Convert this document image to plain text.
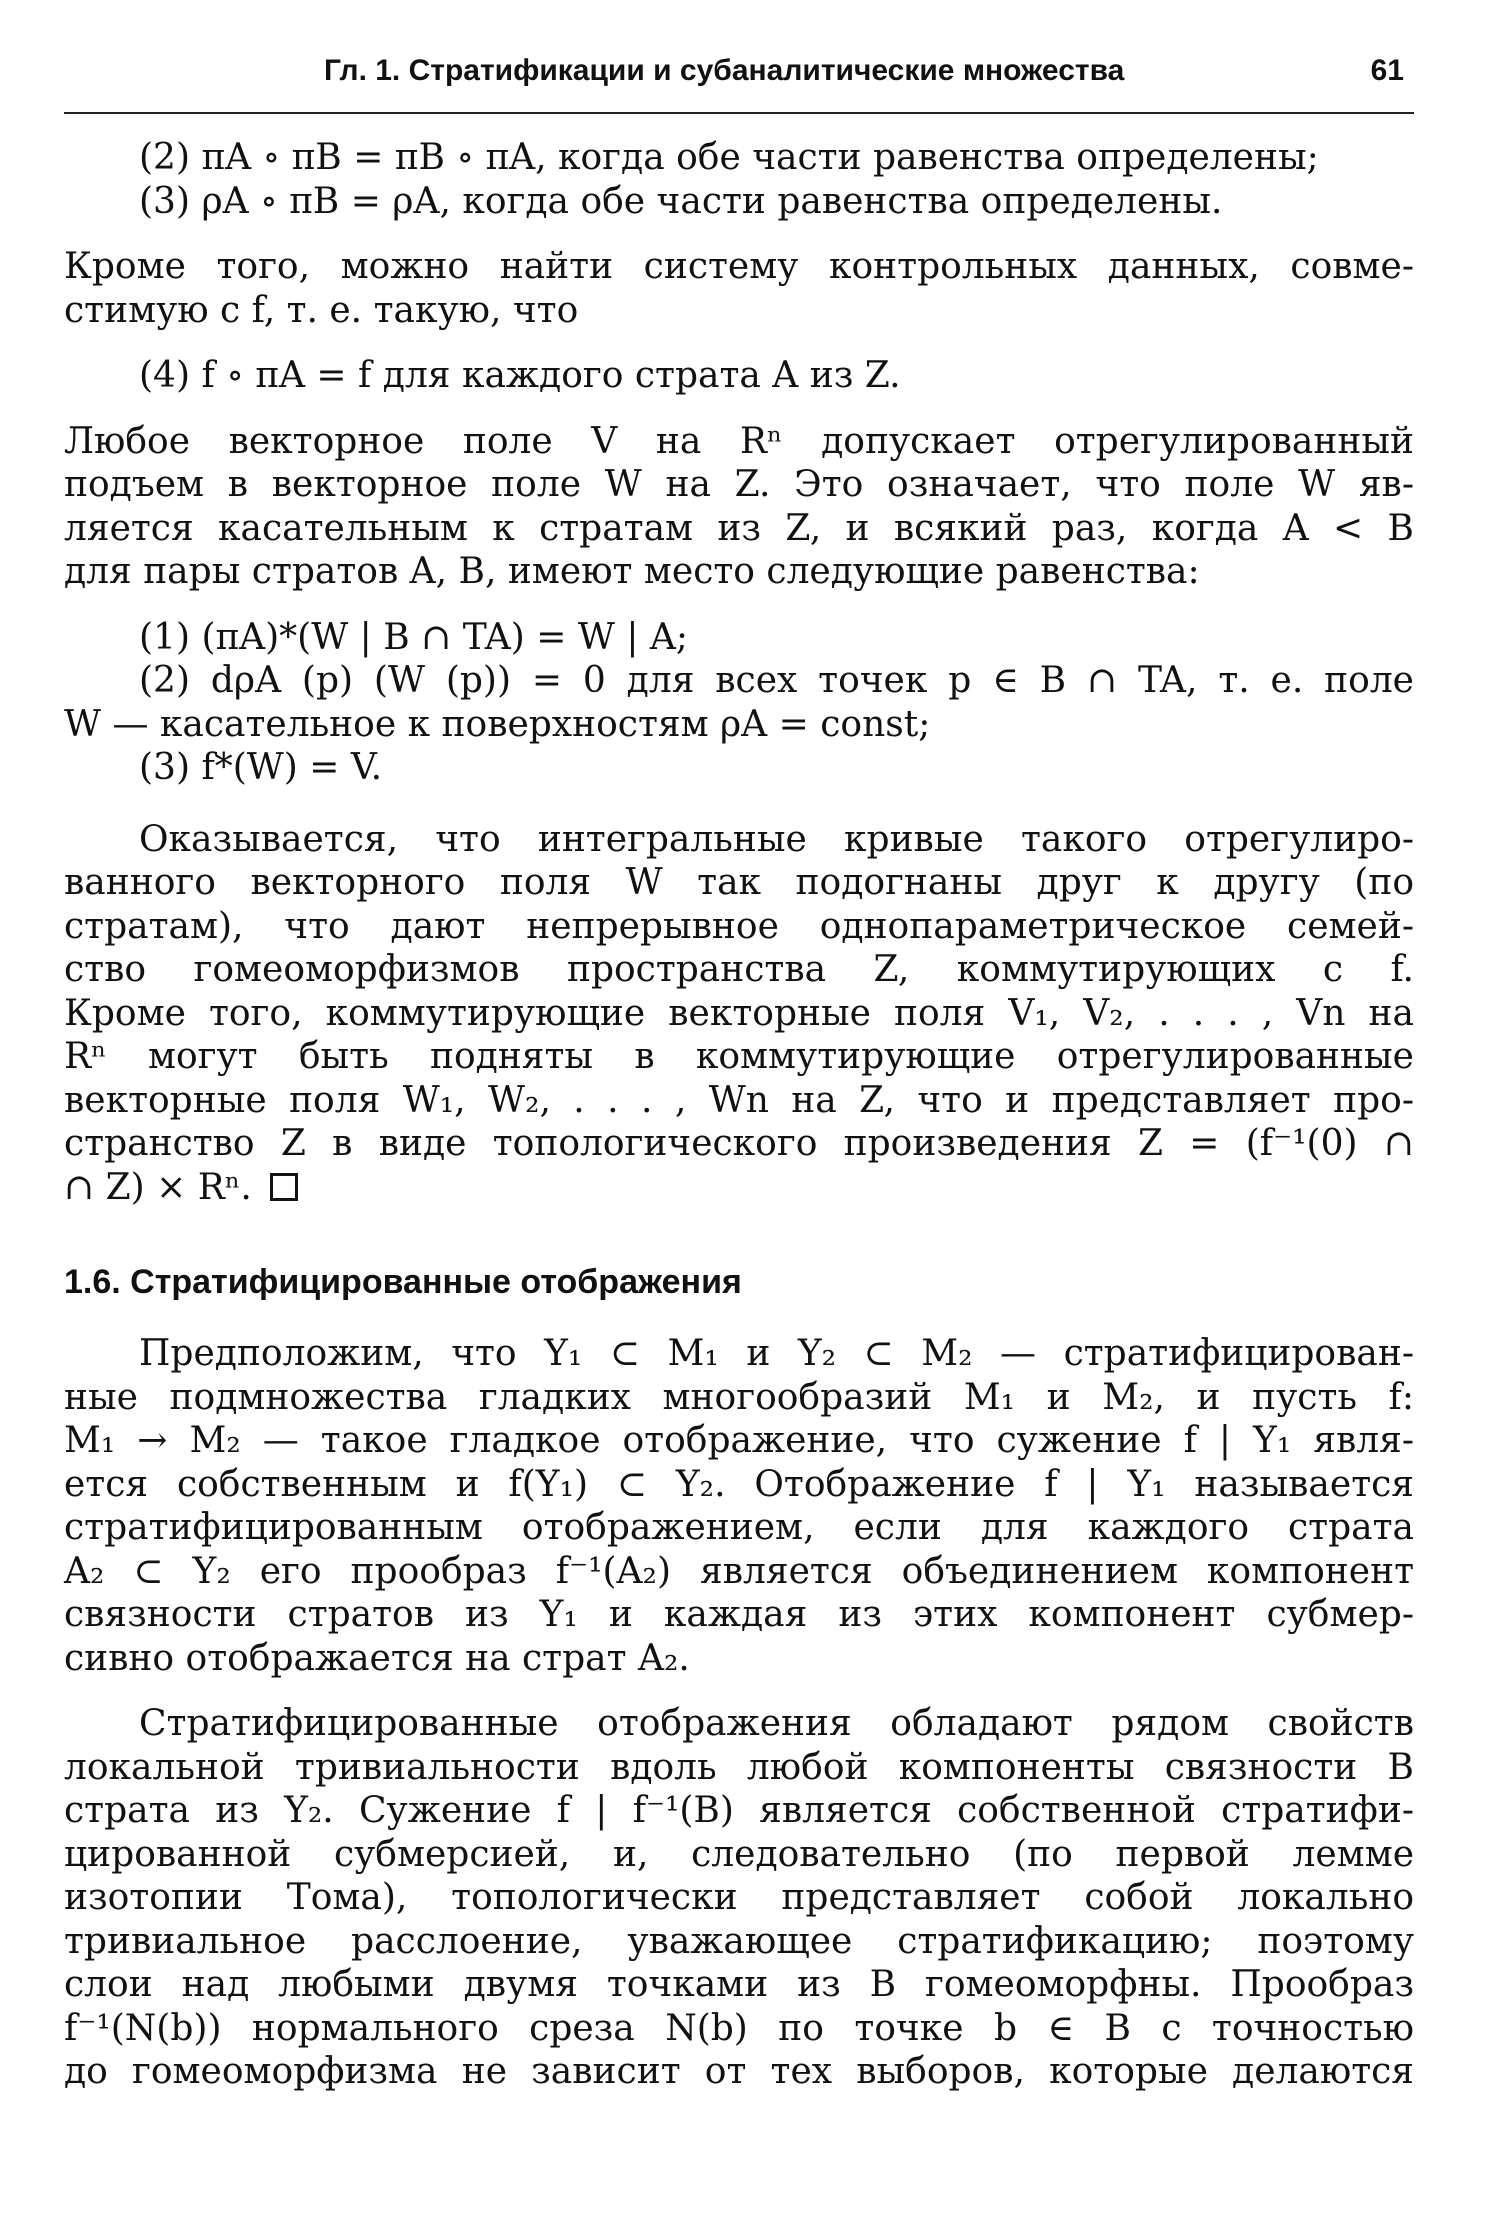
Гл. 1. Стратификации и субаналитические множества	61
(2) πA ∘ πB = πB ∘ πA, когда обе части равенства определены;
(3) ρA ∘ πB = ρA, когда обе части равенства определены.
Кроме того, можно найти систему контрольных данных, совме-
стимую с f, т. е. такую, что
(4) f ∘ πA = f для каждого страта A из Z.
Любое векторное поле V на Rⁿ допускает отрегулированный
подъем в векторное поле W на Z. Это означает, что поле W яв-
ляется касательным к стратам из Z, и всякий раз, когда A < B
для пары стратов A, B, имеют место следующие равенства:
(1) (πA)*(W | B ∩ TA) = W | A;
(2) dρA (p) (W (p)) = 0 для всех точек p ∈ B ∩ TA, т. е. поле
W — касательное к поверхностям ρA = const;
(3) f*(W) = V.
Оказывается, что интегральные кривые такого отрегулиро-
ванного векторного поля W так подогнаны друг к другу (по
стратам), что дают непрерывное однопараметрическое семей-
ство гомеоморфизмов пространства Z, коммутирующих с f.
Кроме того, коммутирующие векторные поля V₁, V₂, . . . , Vn на
Rⁿ могут быть подняты в коммутирующие отрегулированные
векторные поля W₁, W₂, . . . , Wn на Z, что и представляет про-
странство Z в виде топологического произведения Z = (f⁻¹(0) ∩
∩ Z) × Rⁿ.
1.6. Стратифицированные отображения
Предположим, что Y₁ ⊂ M₁ и Y₂ ⊂ M₂ — стратифицирован-
ные подмножества гладких многообразий M₁ и M₂, и пусть f:
M₁ → M₂ — такое гладкое отображение, что сужение f | Y₁ явля-
ется собственным и f(Y₁) ⊂ Y₂. Отображение f | Y₁ называется
стратифицированным отображением, если для каждого страта
A₂ ⊂ Y₂ его прообраз f⁻¹(A₂) является объединением компонент
связности стратов из Y₁ и каждая из этих компонент субмер-
сивно отображается на страт A₂.
Стратифицированные отображения обладают рядом свойств
локальной тривиальности вдоль любой компоненты связности B
страта из Y₂. Сужение f | f⁻¹(B) является собственной стратифи-
цированной субмерсией, и, следовательно (по первой лемме
изотопии Тома), топологически представляет собой локально
тривиальное расслоение, уважающее стратификацию; поэтому
слои над любыми двумя точками из B гомеоморфны. Прообраз
f⁻¹(N(b)) нормального среза N(b) по точке b ∈ B с точностью
до гомеоморфизма не зависит от тех выборов, которые делаются
